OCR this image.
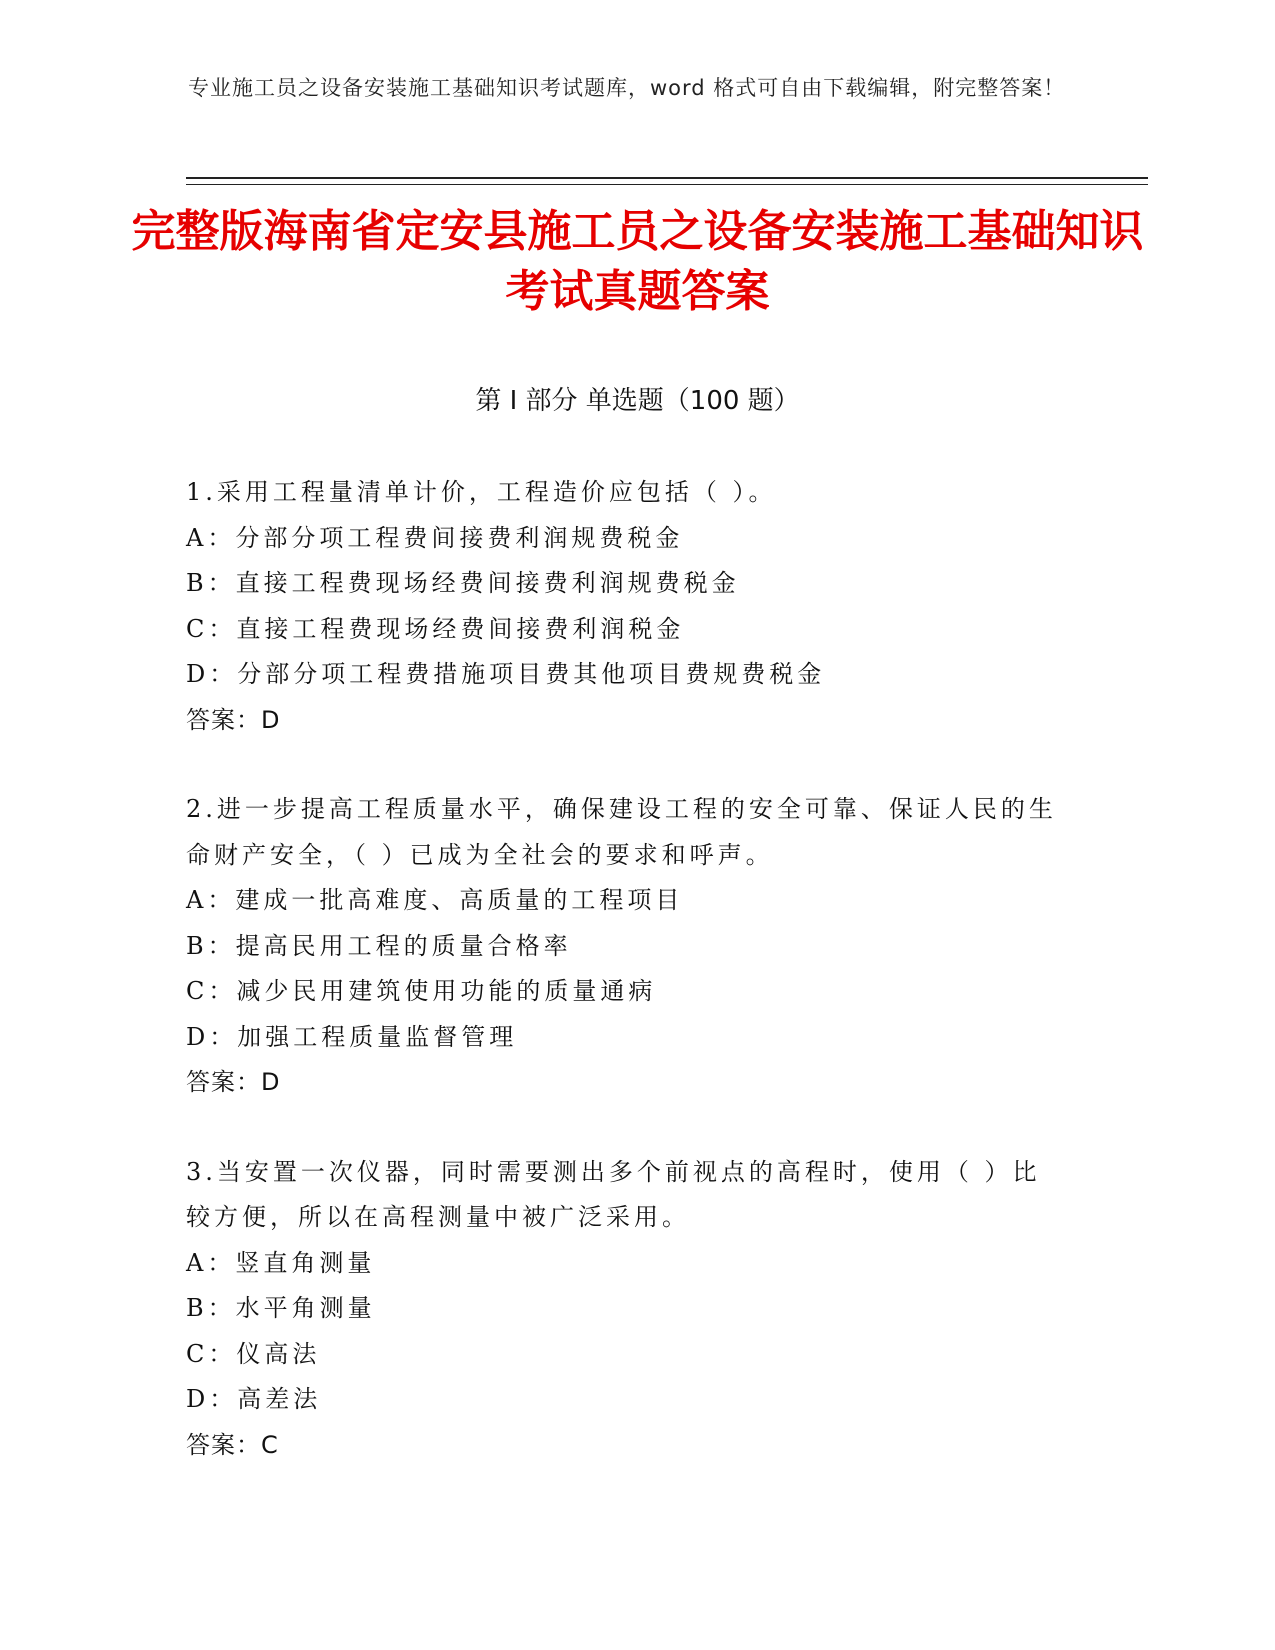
专业施工员之设备安装施工基础知识考试题库，word 格式可自由下载编辑，附完整答案！
完整版海南省定安县施工员之设备安装施工基础知识考试真题答案
第 I 部分 单选题（100 题）
1.采用工程量清单计价，工程造价应包括（ ）。
A：分部分项工程费间接费利润规费税金
B：直接工程费现场经费间接费利润规费税金
C：直接工程费现场经费间接费利润税金
D：分部分项工程费措施项目费其他项目费规费税金
答案：D
2.进一步提高工程质量水平，确保建设工程的安全可靠、保证人民的生命财产安全，（ ）已成为全社会的要求和呼声。
A：建成一批高难度、高质量的工程项目
B：提高民用工程的质量合格率
C：减少民用建筑使用功能的质量通病
D：加强工程质量监督管理
答案：D
3.当安置一次仪器，同时需要测出多个前视点的高程时，使用（ ）比较方便，所以在高程测量中被广泛采用。
A：竖直角测量
B：水平角测量
C：仪高法
D：高差法
答案：C
